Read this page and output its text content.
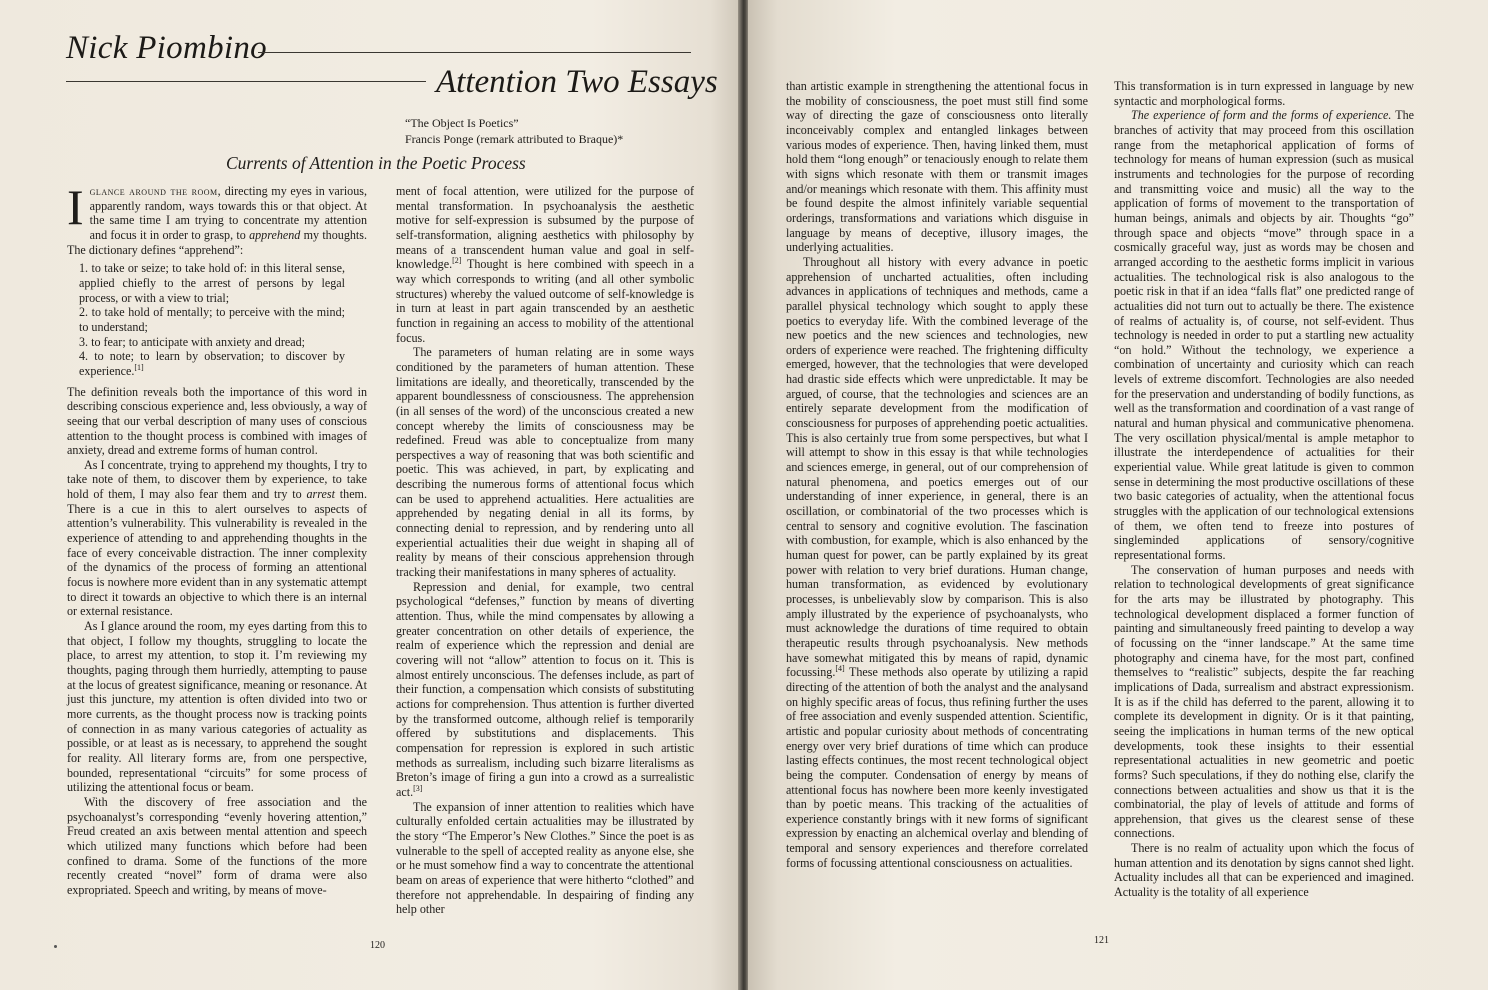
Nick Piombino
Attention Two Essays
“The Object Is Poetics”
Francis Ponge (remark attributed to Braque)*
Currents of Attention in the Poetic Process

Iglance around the room, directing my eyes in various, apparently random, ways towards this or that object. At the same time I am trying to concentrate my attention and focus it in order to grasp, to apprehend my thoughts. The dictionary defines “apprehend”:

1. to take or seize; to take hold of: in this literal sense, applied chiefly to the arrest of persons by legal process, or with a view to trial;
2. to take hold of mentally; to perceive with the mind; to understand;
3. to fear; to anticipate with anxiety and dread;
4. to note; to learn by observation; to discover by experience.[1]

The definition reveals both the importance of this word in describing conscious experience and, less obviously, a way of seeing that our verbal description of many uses of conscious attention to the thought process is combined with images of anxiety, dread and extreme forms of human control.

As I concentrate, trying to apprehend my thoughts, I try to take note of them, to discover them by experience, to take hold of them, I may also fear them and try to arrest them. There is a cue in this to alert ourselves to aspects of attention’s vulnerability. This vulnerability is revealed in the experience of attending to and apprehending thoughts in the face of every conceivable distraction. The inner complexity of the dynamics of the process of forming an attentional focus is nowhere more evident than in any systematic attempt to direct it towards an objective to which there is an internal or external resistance.

As I glance around the room, my eyes darting from this to that object, I follow my thoughts, struggling to locate the place, to arrest my attention, to stop it. I’m reviewing my thoughts, paging through them hurriedly, attempting to pause at the locus of greatest significance, meaning or resonance. At just this juncture, my attention is often divided into two or more currents, as the thought process now is tracking points of connection in as many various categories of actuality as possible, or at least as is necessary, to apprehend the sought for reality. All literary forms are, from one perspective, bounded, representational “circuits” for some process of utilizing the attentional focus or beam.

With the discovery of free association and the psychoanalyst’s corresponding “evenly hovering attention,” Freud created an axis between mental attention and speech which utilized many functions which before had been confined to drama. Some of the functions of the more recently created “novel” form of drama were also expropriated. Speech and writing, by means of move-

ment of focal attention, were utilized for the purpose of mental transformation. In psychoanalysis the aesthetic motive for self-expression is subsumed by the purpose of self-transformation, aligning aesthetics with philosophy by means of a transcendent human value and goal in self-knowledge.[2] Thought is here combined with speech in a way which corresponds to writing (and all other symbolic structures) whereby the valued outcome of self-knowledge is in turn at least in part again transcended by an aesthetic function in regaining an access to mobility of the attentional focus.

The parameters of human relating are in some ways conditioned by the parameters of human attention. These limitations are ideally, and theoretically, transcended by the apparent boundlessness of consciousness. The apprehension (in all senses of the word) of the unconscious created a new concept whereby the limits of consciousness may be redefined. Freud was able to conceptualize from many perspectives a way of reasoning that was both scientific and poetic. This was achieved, in part, by explicating and describing the numerous forms of attentional focus which can be used to apprehend actualities. Here actualities are apprehended by negating denial in all its forms, by connecting denial to repression, and by rendering unto all experiential actualities their due weight in shaping all of reality by means of their conscious apprehension through tracking their manifestations in many spheres of actuality.

Repression and denial, for example, two central psychological “defenses,” function by means of diverting attention. Thus, while the mind compensates by allowing a greater concentration on other details of experience, the realm of experience which the repression and denial are covering will not “allow” attention to focus on it. This is almost entirely unconscious. The defenses include, as part of their function, a compensation which consists of substituting actions for comprehension. Thus attention is further diverted by the transformed outcome, although relief is temporarily offered by substitutions and displacements. This compensation for repression is explored in such artistic methods as surrealism, including such bizarre literalisms as Breton’s image of firing a gun into a crowd as a surrealistic act.[3]

The expansion of inner attention to realities which have culturally enfolded certain actualities may be illustrated by the story “The Emperor’s New Clothes.” Since the poet is as vulnerable to the spell of accepted reality as anyone else, she or he must somehow find a way to concentrate the attentional beam on areas of experience that were hitherto “clothed” and therefore not apprehendable. In despairing of finding any help other

120

than artistic example in strengthening the attentional focus in the mobility of consciousness, the poet must still find some way of directing the gaze of consciousness onto literally inconceivably complex and entangled linkages between various modes of experience. Then, having linked them, must hold them “long enough” or tenaciously enough to relate them with signs which resonate with them or transmit images and/or meanings which resonate with them. This affinity must be found despite the almost infinitely variable sequential orderings, transformations and variations which disguise in language by means of deceptive, illusory images, the underlying actualities.

Throughout all history with every advance in poetic apprehension of uncharted actualities, often including advances in applications of techniques and methods, came a parallel physical technology which sought to apply these poetics to everyday life. With the combined leverage of the new poetics and the new sciences and technologies, new orders of experience were reached. The frightening difficulty emerged, however, that the technologies that were developed had drastic side effects which were unpredictable. It may be argued, of course, that the technologies and sciences are an entirely separate development from the modification of consciousness for purposes of apprehending poetic actualities. This is also certainly true from some perspectives, but what I will attempt to show in this essay is that while technologies and sciences emerge, in general, out of our comprehension of natural phenomena, and poetics emerges out of our understanding of inner experience, in general, there is an oscillation, or combinatorial of the two processes which is central to sensory and cognitive evolution. The fascination with combustion, for example, which is also enhanced by the human quest for power, can be partly explained by its great power with relation to very brief durations. Human change, human transformation, as evidenced by evolutionary processes, is unbelievably slow by comparison. This is also amply illustrated by the experience of psychoanalysts, who must acknowledge the durations of time required to obtain therapeutic results through psychoanalysis. New methods have somewhat mitigated this by means of rapid, dynamic focussing.[4] These methods also operate by utilizing a rapid directing of the attention of both the analyst and the analysand on highly specific areas of focus, thus refining further the uses of free association and evenly suspended attention. Scientific, artistic and popular curiosity about methods of concentrating energy over very brief durations of time which can produce lasting effects continues, the most recent technological object being the computer. Condensation of energy by means of attentional focus has nowhere been more keenly investigated than by poetic means. This tracking of the actualities of experience constantly brings with it new forms of significant expression by enacting an alchemical overlay and blending of temporal and sensory experiences and therefore correlated forms of focussing attentional consciousness on actualities.

This transformation is in turn expressed in language by new syntactic and morphological forms.

The experience of form and the forms of experience. The branches of activity that may proceed from this oscillation range from the metaphorical application of forms of technology for means of human expression (such as musical instruments and technologies for the purpose of recording and transmitting voice and music) all the way to the application of forms of movement to the transportation of human beings, animals and objects by air. Thoughts “go” through space and objects “move” through space in a cosmically graceful way, just as words may be chosen and arranged according to the aesthetic forms implicit in various actualities. The technological risk is also analogous to the poetic risk in that if an idea “falls flat” one predicted range of actualities did not turn out to actually be there. The existence of realms of actuality is, of course, not self-evident. Thus technology is needed in order to put a startling new actuality “on hold.” Without the technology, we experience a combination of uncertainty and curiosity which can reach levels of extreme discomfort. Technologies are also needed for the preservation and understanding of bodily functions, as well as the transformation and coordination of a vast range of natural and human physical and communicative phenomena. The very oscillation physical/mental is ample metaphor to illustrate the interdependence of actualities for their experiential value. While great latitude is given to common sense in determining the most productive oscillations of these two basic categories of actuality, when the attentional focus struggles with the application of our technological extensions of them, we often tend to freeze into postures of singleminded applications of sensory/cognitive representational forms.

The conservation of human purposes and needs with relation to technological developments of great significance for the arts may be illustrated by photography. This technological development displaced a former function of painting and simultaneously freed painting to develop a way of focussing on the “inner landscape.” At the same time photography and cinema have, for the most part, confined themselves to “realistic” subjects, despite the far reaching implications of Dada, surrealism and abstract expressionism. It is as if the child has deferred to the parent, allowing it to complete its development in dignity. Or is it that painting, seeing the implications in human terms of the new optical developments, took these insights to their essential representational actualities in new geometric and poetic forms? Such speculations, if they do nothing else, clarify the connections between actualities and show us that it is the combinatorial, the play of levels of attitude and forms of apprehension, that gives us the clearest sense of these connections.

There is no realm of actuality upon which the focus of human attention and its denotation by signs cannot shed light. Actuality includes all that can be experienced and imagined. Actuality is the totality of all experience

121
